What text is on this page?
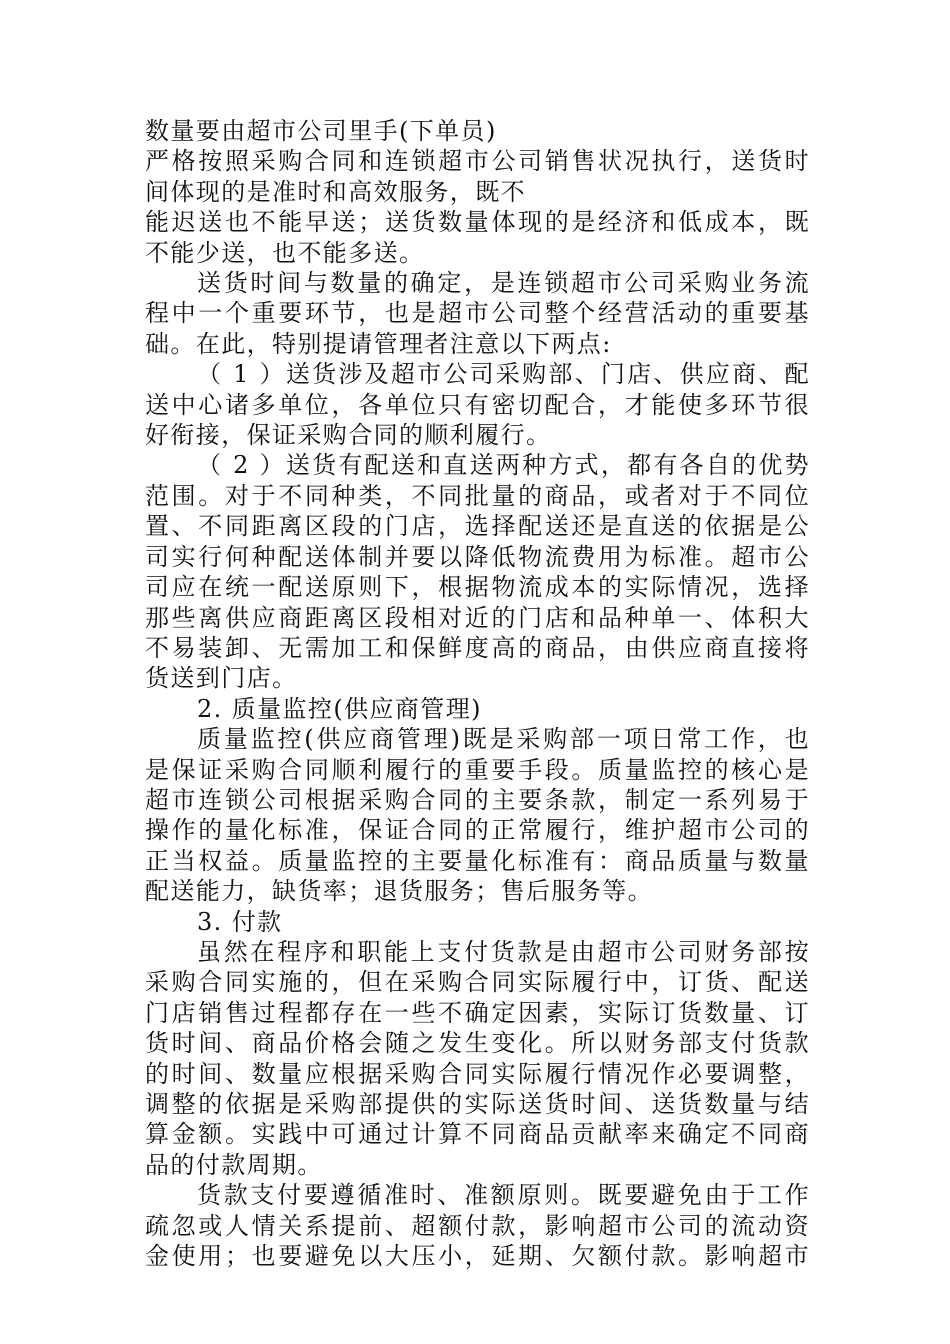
数量要由超市公司里手(下单员)
严格按照采购合同和连锁超市公司销售状况执行，送货时
间体现的是准时和高效服务，既不
能迟送也不能早送；送货数量体现的是经济和低成本，既
不能少送，也不能多送。
送货时间与数量的确定，是连锁超市公司采购业务流
程中一个重要环节，也是超市公司整个经营活动的重要基
础。在此，特别提请管理者注意以下两点:
（ 1 ）送货涉及超市公司采购部、门店、供应商、配
送中心诸多单位，各单位只有密切配合，才能使多环节很
好衔接，保证采购合同的顺利履行。
（ 2 ）送货有配送和直送两种方式，都有各自的优势
范围。对于不同种类，不同批量的商品，或者对于不同位
置、不同距离区段的门店，选择配送还是直送的依据是公
司实行何种配送体制并要以降低物流费用为标准。超市公
司应在统一配送原则下，根据物流成本的实际情况，选择
那些离供应商距离区段相对近的门店和品种单一、体积大
不易装卸、无需加工和保鲜度高的商品，由供应商直接将
货送到门店。
2. 质量监控(供应商管理)
质量监控(供应商管理)既是采购部一项日常工作，也
是保证采购合同顺利履行的重要手段。质量监控的核心是
超市连锁公司根据采购合同的主要条款，制定一系列易于
操作的量化标准，保证合同的正常履行，维护超市公司的
正当权益。质量监控的主要量化标准有：商品质量与数量
配送能力，缺货率；退货服务；售后服务等。
3. 付款
虽然在程序和职能上支付货款是由超市公司财务部按
采购合同实施的，但在采购合同实际履行中，订货、配送
门店销售过程都存在一些不确定因素，实际订货数量、订
货时间、商品价格会随之发生变化。所以财务部支付货款
的时间、数量应根据采购合同实际履行情况作必要调整，
调整的依据是采购部提供的实际送货时间、送货数量与结
算金额。实践中可通过计算不同商品贡献率来确定不同商
品的付款周期。
货款支付要遵循准时、准额原则。既要避免由于工作
疏忽或人情关系提前、超额付款，影响超市公司的流动资
金使用；也要避免以大压小，延期、欠额付款。影响超市
